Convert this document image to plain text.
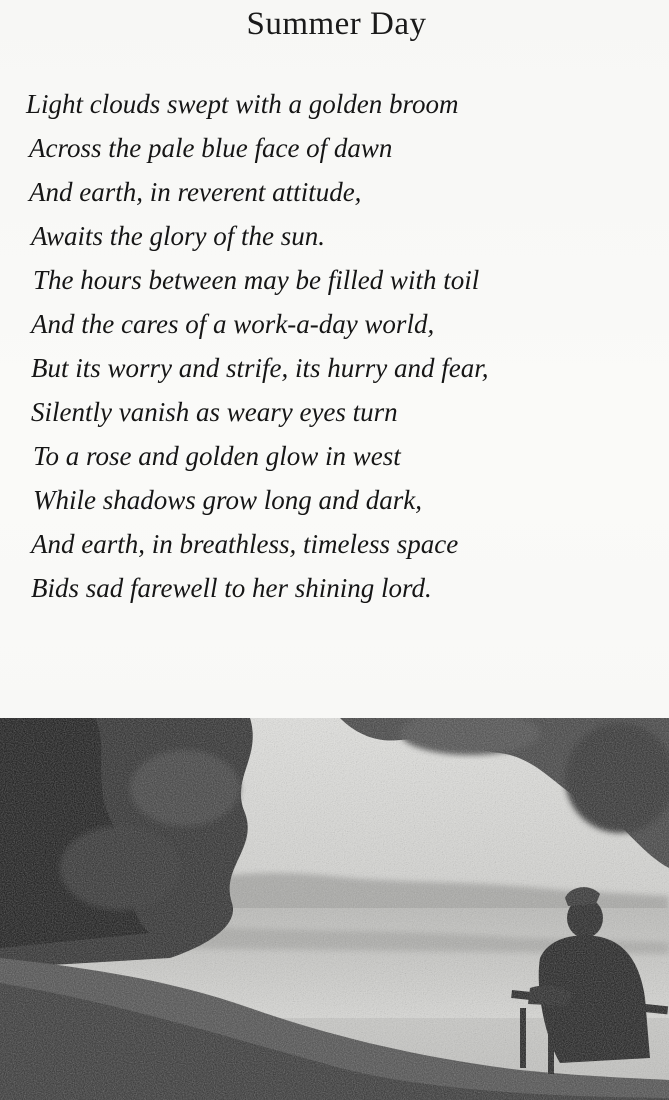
Summer Day
Light clouds swept with a golden broom
Across the pale blue face of dawn
And earth, in reverent attitude,
Awaits the glory of the sun.
The hours between may be filled with toil
And the cares of a work-a-day world,
But its worry and strife, its hurry and fear,
Silently vanish as weary eyes turn
To a rose and golden glow in west
While shadows grow long and dark,
And earth, in breathless, timeless space
Bids sad farewell to her shining lord.
